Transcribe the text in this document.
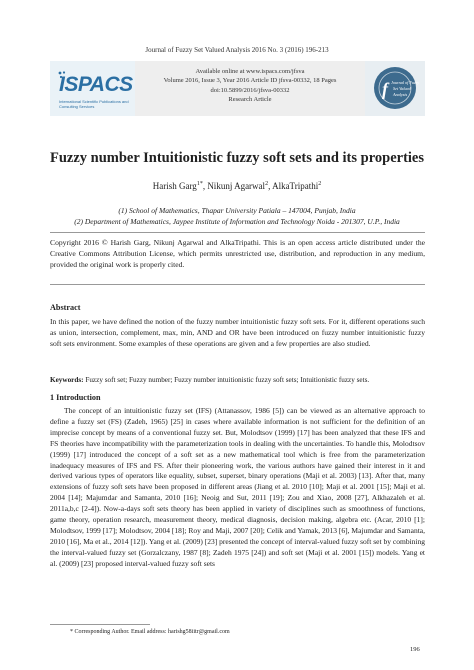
Journal of Fuzzy Set Valued Analysis 2016 No. 3 (2016) 196-213
ISPACS
International Scientific Publications and Consulting Services
Available online at www.ispacs.com/jfsva
Volume 2016, Issue 3, Year 2016 Article ID jfsva-00332, 18 Pages
doi:10.5899/2016/jfsva-00332
Research Article
f Journal of Fuzzy
Set Valued
Analysis
Fuzzy number Intuitionistic fuzzy soft sets and its properties
Harish Garg$^{1*}$, Nikunj Agarwal$^2$, AlkaTripathi$^2$
(1) School of Mathematics, Thapar University Patiala – 147004, Punjab, India
(2) Department of Mathematics, Jaypee Institute of Information and Technology Noida - 201307, U.P., India
Copyright 2016 © Harish Garg, Nikunj Agarwal and AlkaTripathi. This is an open access article distributed under the Creative Commons Attribution License, which permits unrestricted use, distribution, and reproduction in any medium, provided the original work is properly cited.
Abstract
In this paper, we have defined the notion of the fuzzy number intuitionistic fuzzy soft sets. For it, different operations such as union, intersection, complement, max, min, AND and OR have been introduced on fuzzy number intuitionistic fuzzy soft sets environment. Some examples of these operations are given and a few properties are also studied.
Keywords: Fuzzy soft set; Fuzzy number; Fuzzy number intuitionistic fuzzy soft sets; Intuitionistic fuzzy sets.
1 Introduction
The concept of an intuitionistic fuzzy set (IFS) (Attanassov, 1986 [5]) can be viewed as an alternative approach to define a fuzzy set (FS) (Zadeh, 1965) [25] in cases where available information is not sufficient for the definition of an imprecise concept by means of a conventional fuzzy set. But, Molodtsov (1999) [17] has been analyzed that these IFS and FS theories have incompatibility with the parameterization tools in dealing with the uncertainties. To handle this, Molodtsov (1999) [17] introduced the concept of a soft set as a new mathematical tool which is free from the parameterization inadequacy measures of IFS and FS. After their pioneering work, the various authors have gained their interest in it and derived various types of operators like equality, subset, superset, binary operations (Maji et al. 2003) [13]. After that, many extensions of fuzzy soft sets have been proposed in different areas (Jiang et al. 2010 [10]; Maji et al. 2001 [15]; Maji et al. 2004 [14]; Majumdar and Samanta, 2010 [16]; Neoig and Sut, 2011 [19]; Zou and Xiao, 2008 [27], Alkhazaleh et al. 2011a,b,c [2-4]). Now-a-days soft sets theory has been applied in variety of disciplines such as smoothness of functions, game theory, operation research, measurement theory, medical diagnosis, decision making, algebra etc. (Acar, 2010 [1]; Molodtsov, 1999 [17]; Molodtsov, 2004 [18]; Roy and Maji, 2007 [20]; Celik and Yamak, 2013 [6], Majumdar and Samanta, 2010 [16], Ma et al., 2014 [12]). Yang et al. (2009) [23] presented the concept of interval-valued fuzzy soft set by combining the interval-valued fuzzy set (Gorzalczany, 1987 [8]; Zadeh 1975 [24]) and soft set (Maji et al. 2001 [15]) models. Yang et al. (2009) [23] proposed interval-valued fuzzy soft sets
* Corresponding Author. Email address: harishg58iitr@gmail.com
196
